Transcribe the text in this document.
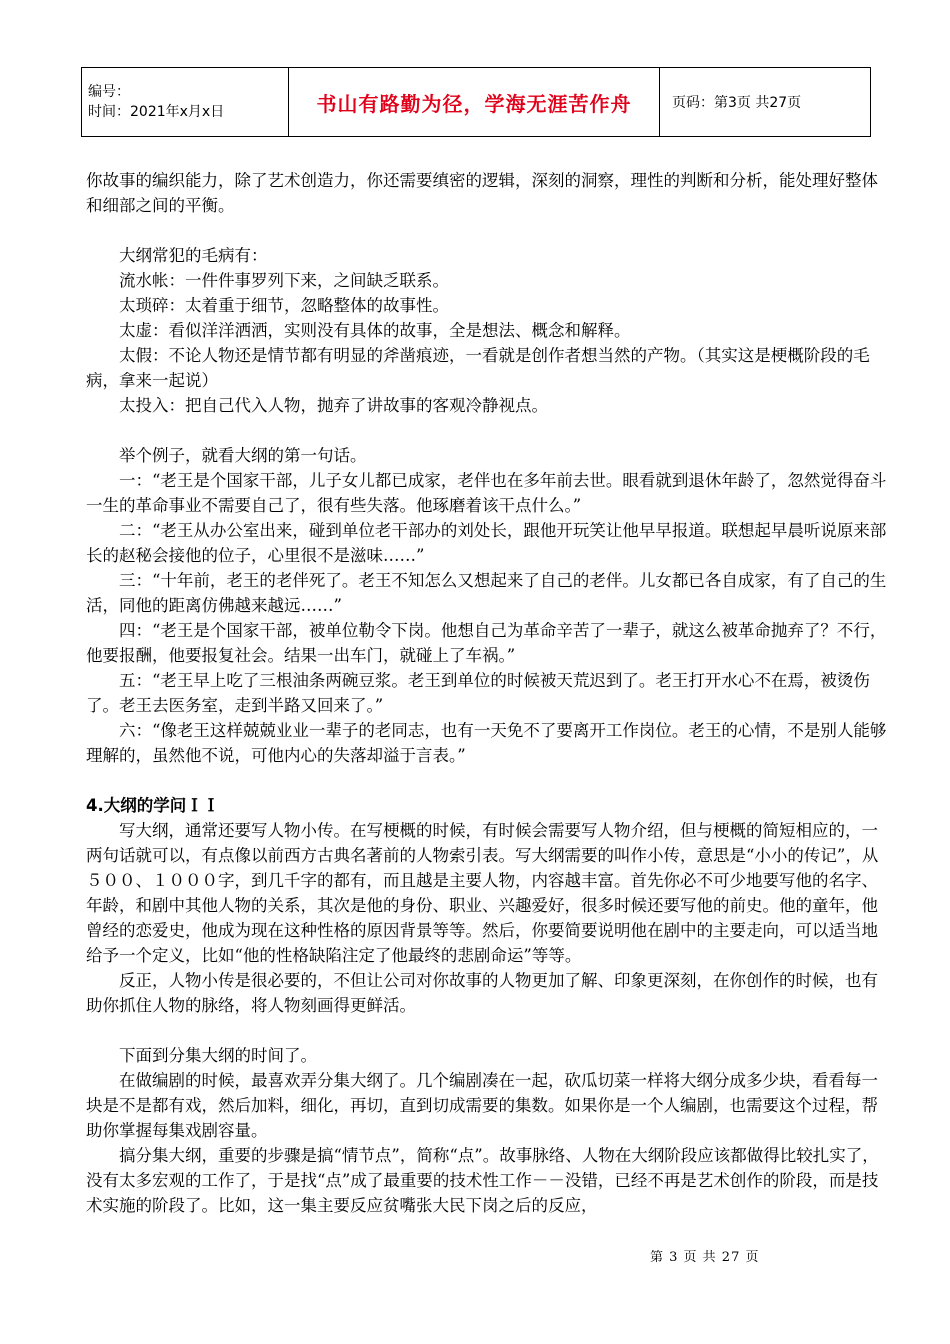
编号：
时间：2021年x月x日	书山有路勤为径，学海无涯苦作舟	页码：第3页 共27页

你故事的编织能力，除了艺术创造力，你还需要缜密的逻辑，深刻的洞察，理性的判断和分析，能处理好整体和细部之间的平衡。

大纲常犯的毛病有：

流水帐：一件件事罗列下来，之间缺乏联系。

太琐碎：太着重于细节，忽略整体的故事性。

太虚：看似洋洋洒洒，实则没有具体的故事，全是想法、概念和解释。

太假：不论人物还是情节都有明显的斧凿痕迹，一看就是创作者想当然的产物。（其实这是梗概阶段的毛病，拿来一起说）

太投入：把自己代入人物，抛弃了讲故事的客观冷静视点。

举个例子，就看大纲的第一句话。

一：“老王是个国家干部，儿子女儿都已成家，老伴也在多年前去世。眼看就到退休年龄了，忽然觉得奋斗一生的革命事业不需要自己了，很有些失落。他琢磨着该干点什么。”

二：“老王从办公室出来，碰到单位老干部办的刘处长，跟他开玩笑让他早早报道。联想起早晨听说原来部长的赵秘会接他的位子，心里很不是滋味……”

三：“十年前，老王的老伴死了。老王不知怎么又想起来了自己的老伴。儿女都已各自成家，有了自己的生活，同他的距离仿佛越来越远……”

四：“老王是个国家干部，被单位勒令下岗。他想自己为革命辛苦了一辈子，就这么被革命抛弃了？不行，他要报酬，他要报复社会。结果一出车门，就碰上了车祸。”

五：“老王早上吃了三根油条两碗豆浆。老王到单位的时候被天荒迟到了。老王打开水心不在焉，被烫伤了。老王去医务室，走到半路又回来了。”

六：“像老王这样兢兢业业一辈子的老同志，也有一天免不了要离开工作岗位。老王的心情，不是别人能够理解的，虽然他不说，可他内心的失落却溢于言表。”

4.大纲的学问ＩＩ

写大纲，通常还要写人物小传。在写梗概的时候，有时候会需要写人物介绍，但与梗概的简短相应的，一两句话就可以，有点像以前西方古典名著前的人物索引表。写大纲需要的叫作小传，意思是“小小的传记”，从５００、１０００字，到几千字的都有，而且越是主要人物，内容越丰富。首先你必不可少地要写他的名字、年龄，和剧中其他人物的关系，其次是他的身份、职业、兴趣爱好，很多时候还要写他的前史。他的童年，他曾经的恋爱史，他成为现在这种性格的原因背景等等。然后，你要简要说明他在剧中的主要走向，可以适当地给予一个定义，比如“他的性格缺陷注定了他最终的悲剧命运”等等。

反正，人物小传是很必要的，不但让公司对你故事的人物更加了解、印象更深刻，在你创作的时候，也有助你抓住人物的脉络，将人物刻画得更鲜活。

下面到分集大纲的时间了。

在做编剧的时候，最喜欢弄分集大纲了。几个编剧凑在一起，砍瓜切菜一样将大纲分成多少块，看看每一块是不是都有戏，然后加料，细化，再切，直到切成需要的集数。如果你是一个人编剧，也需要这个过程，帮助你掌握每集戏剧容量。

搞分集大纲，重要的步骤是搞“情节点”，简称“点”。故事脉络、人物在大纲阶段应该都做得比较扎实了，没有太多宏观的工作了，于是找“点”成了最重要的技术性工作－－没错，已经不再是艺术创作的阶段，而是技术实施的阶段了。比如，这一集主要反应贫嘴张大民下岗之后的反应，

第 3 页 共 27 页
